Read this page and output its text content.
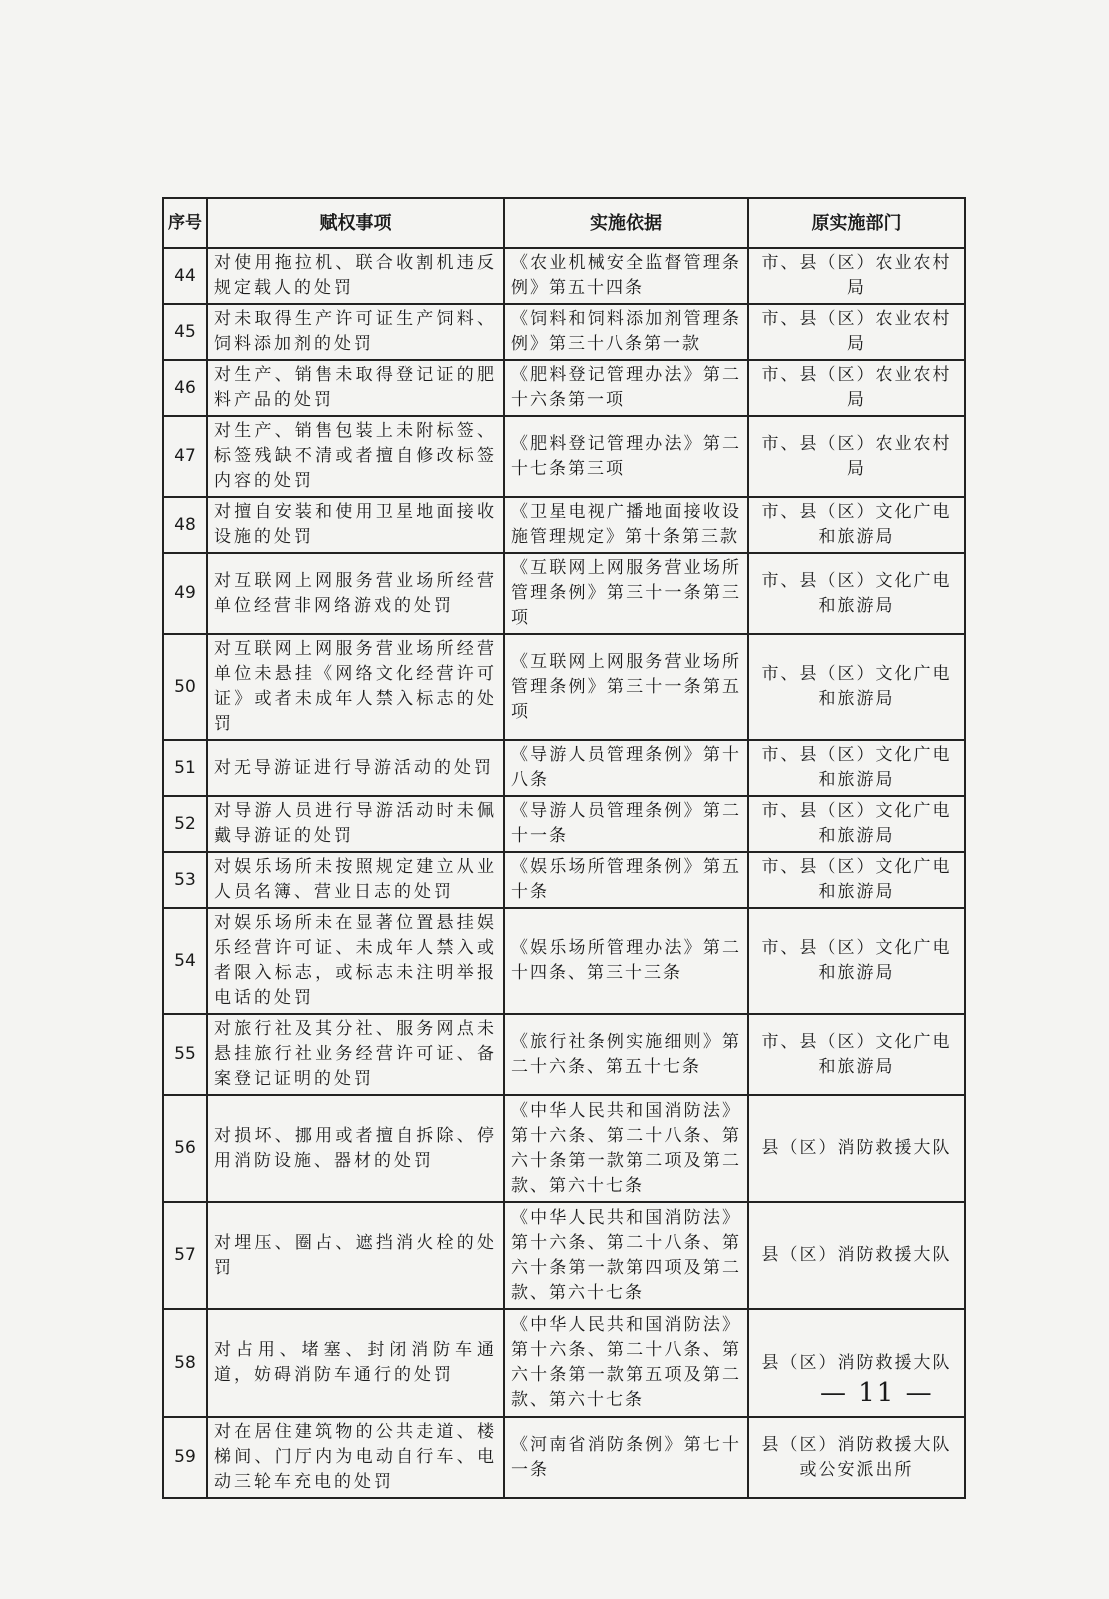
序号	赋权事项	实施依据	原实施部门
44	对使用拖拉机、联合收割机违反规定载人的处罚	《农业机械安全监督管理条例》第五十四条	市、县（区）农业农村局
45	对未取得生产许可证生产饲料、饲料添加剂的处罚	《饲料和饲料添加剂管理条例》第三十八条第一款	市、县（区）农业农村局
46	对生产、销售未取得登记证的肥料产品的处罚	《肥料登记管理办法》第二十六条第一项	市、县（区）农业农村局
47	对生产、销售包装上未附标签、标签残缺不清或者擅自修改标签内容的处罚	《肥料登记管理办法》第二十七条第三项	市、县（区）农业农村局
48	对擅自安装和使用卫星地面接收设施的处罚	《卫星电视广播地面接收设施管理规定》第十条第三款	市、县（区）文化广电和旅游局
49	对互联网上网服务营业场所经营单位经营非网络游戏的处罚	《互联网上网服务营业场所管理条例》第三十一条第三项	市、县（区）文化广电和旅游局
50	对互联网上网服务营业场所经营单位未悬挂《网络文化经营许可证》或者未成年人禁入标志的处罚	《互联网上网服务营业场所管理条例》第三十一条第五项	市、县（区）文化广电和旅游局
51	对无导游证进行导游活动的处罚	《导游人员管理条例》第十八条	市、县（区）文化广电和旅游局
52	对导游人员进行导游活动时未佩戴导游证的处罚	《导游人员管理条例》第二十一条	市、县（区）文化广电和旅游局
53	对娱乐场所未按照规定建立从业人员名簿、营业日志的处罚	《娱乐场所管理条例》第五十条	市、县（区）文化广电和旅游局
54	对娱乐场所未在显著位置悬挂娱乐经营许可证、未成年人禁入或者限入标志，或标志未注明举报电话的处罚	《娱乐场所管理办法》第二十四条、第三十三条	市、县（区）文化广电和旅游局
55	对旅行社及其分社、服务网点未悬挂旅行社业务经营许可证、备案登记证明的处罚	《旅行社条例实施细则》第二十六条、第五十七条	市、县（区）文化广电和旅游局
56	对损坏、挪用或者擅自拆除、停用消防设施、器材的处罚	《中华人民共和国消防法》第十六条、第二十八条、第六十条第一款第二项及第二款、第六十七条	县（区）消防救援大队
57	对埋压、圈占、遮挡消火栓的处罚	《中华人民共和国消防法》第十六条、第二十八条、第六十条第一款第四项及第二款、第六十七条	县（区）消防救援大队
58	对占用、堵塞、封闭消防车通道，妨碍消防车通行的处罚	《中华人民共和国消防法》第十六条、第二十八条、第六十条第一款第五项及第二款、第六十七条	县（区）消防救援大队
59	对在居住建筑物的公共走道、楼梯间、门厅内为电动自行车、电动三轮车充电的处罚	《河南省消防条例》第七十一条	县（区）消防救援大队或公安派出所
— 11 —
